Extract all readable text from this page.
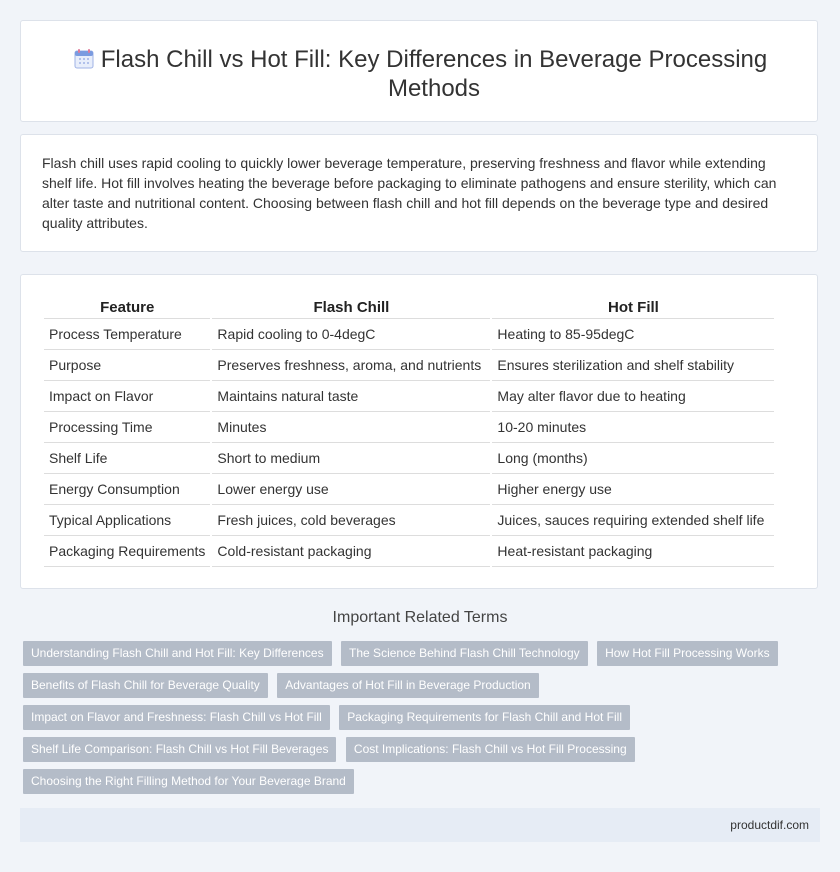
Flash Chill vs Hot Fill: Key Differences in Beverage Processing Methods

Flash chill uses rapid cooling to quickly lower beverage temperature, preserving freshness and flavor while extending shelf life. Hot fill involves heating the beverage before packaging to eliminate pathogens and ensure sterility, which can alter taste and nutritional content. Choosing between flash chill and hot fill depends on the beverage type and desired quality attributes.

Feature	Flash Chill	Hot Fill
Process Temperature	Rapid cooling to 0-4degC	Heating to 85-95degC
Purpose	Preserves freshness, aroma, and nutrients	Ensures sterilization and shelf stability
Impact on Flavor	Maintains natural taste	May alter flavor due to heating
Processing Time	Minutes	10-20 minutes
Shelf Life	Short to medium	Long (months)
Energy Consumption	Lower energy use	Higher energy use
Typical Applications	Fresh juices, cold beverages	Juices, sauces requiring extended shelf life
Packaging Requirements	Cold-resistant packaging	Heat-resistant packaging
Important Related Terms
Understanding Flash Chill and Hot Fill: Key Differences The Science Behind Flash Chill Technology How Hot Fill Processing Works
Benefits of Flash Chill for Beverage Quality Advantages of Hot Fill in Beverage Production
Impact on Flavor and Freshness: Flash Chill vs Hot Fill Packaging Requirements for Flash Chill and Hot Fill
Shelf Life Comparison: Flash Chill vs Hot Fill Beverages Cost Implications: Flash Chill vs Hot Fill Processing
Choosing the Right Filling Method for Your Beverage Brand
productdif.com
